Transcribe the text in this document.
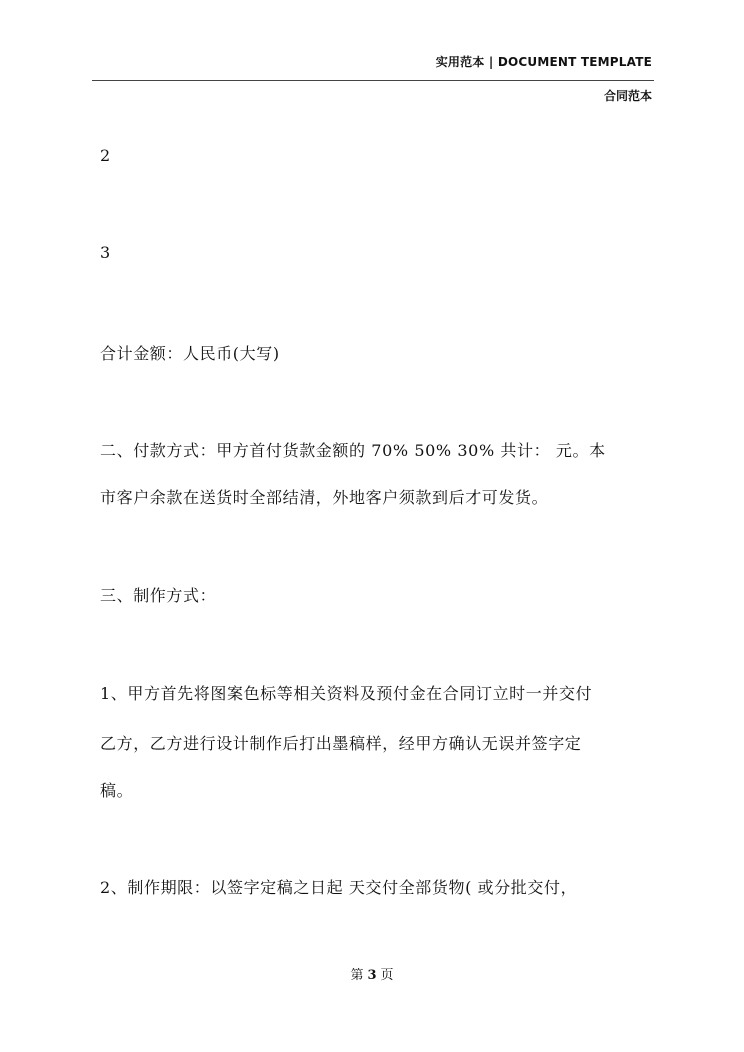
实用范本 | DOCUMENT TEMPLATE
合同范本
2
3
合计金额：人民币(大写)
二、付款方式：甲方首付货款金额的 70% 50% 30% 共计： 元。本
市客户余款在送货时全部结清，外地客户须款到后才可发货。
三、制作方式：
1、甲方首先将图案色标等相关资料及预付金在合同订立时一并交付
乙方，乙方进行设计制作后打出墨稿样，经甲方确认无误并签字定
稿。
2、制作期限：以签字定稿之日起 天交付全部货物( 或分批交付，
第 3 页
